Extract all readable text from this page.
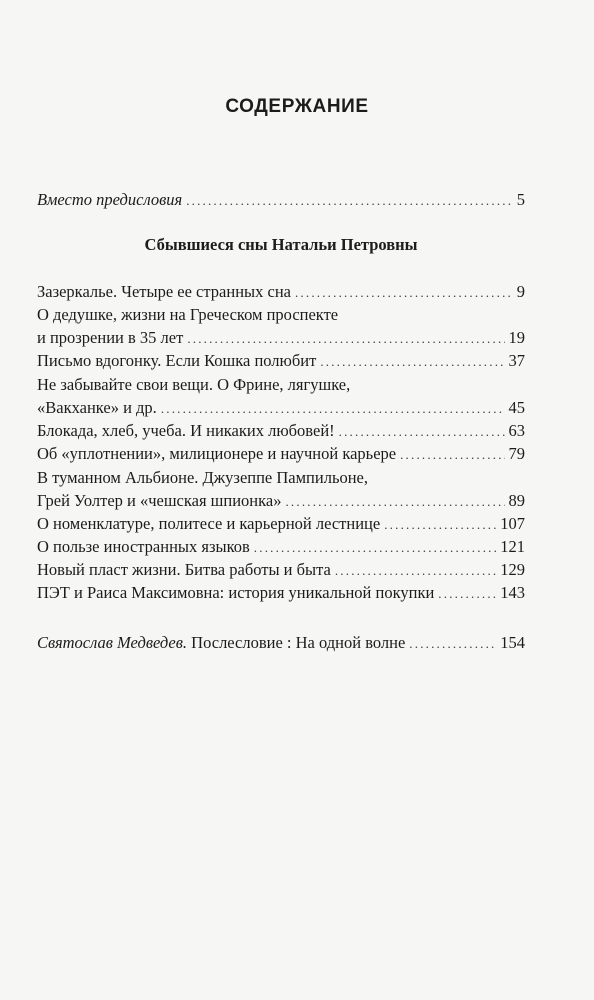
СОДЕРЖАНИЕ
Вместо предисловия .....	5
Сбывшиеся сны Натальи Петровны
Зазеркалье. Четыре ее странных сна .....	9
О дедушке, жизни на Греческом проспекте
и прозрении в 35 лет .....	19
Письмо вдогонку. Если Кошка полюбит .....	37
Не забывайте свои вещи. О Фрине, лягушке,
«Вакханке» и др. .....	45
Блокада, хлеб, учеба. И никаких любовей! .....	63
Об «уплотнении», милиционере и научной карьере .....	79
В туманном Альбионе. Джузеппе Пампильоне,
Грей Уолтер и «чешская шпионка» .....	89
О номенклатуре, политесе и карьерной лестнице .....	107
О пользе иностранных языков .....	121
Новый пласт жизни. Битва работы и быта .....	129
ПЭТ и Раиса Максимовна: история уникальной покупки .....	143
Святослав Медведев. Послесловие : На одной волне .....	154
